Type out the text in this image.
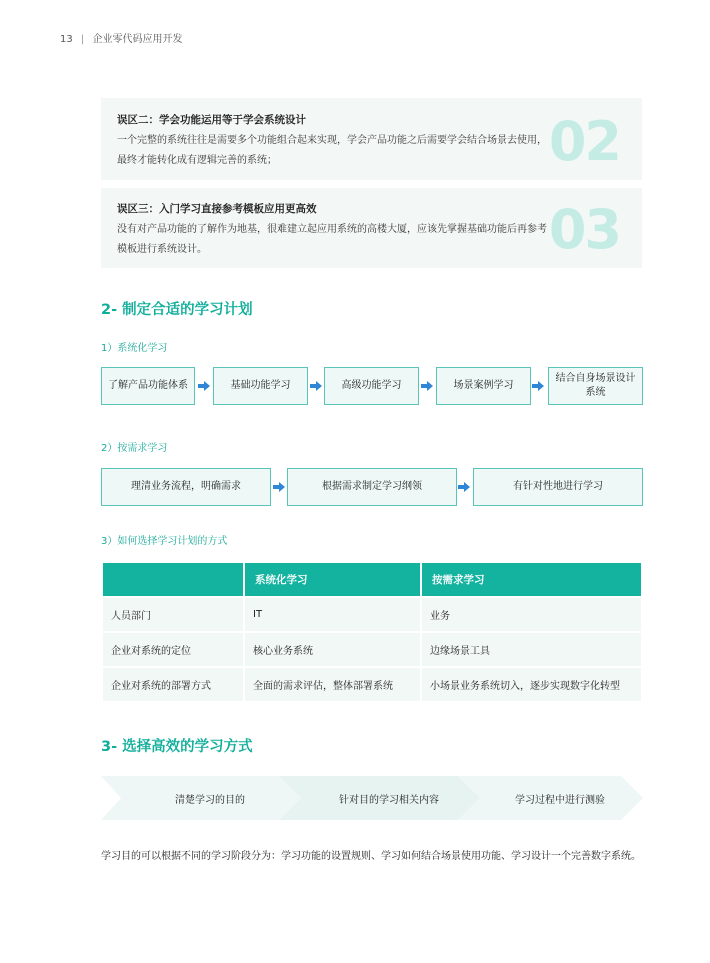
13 | 企业零代码应用开发
误区二：学会功能运用等于学会系统设计
一个完整的系统往往是需要多个功能组合起来实现，学会产品功能之后需要学会结合场景去使用，最终才能转化成有逻辑完善的系统；	02
误区三：入门学习直接参考模板应用更高效
没有对产品功能的了解作为地基，很难建立起应用系统的高楼大厦，应该先掌握基础功能后再参考模板进行系统设计。	03
2- 制定合适的学习计划
1）系统化学习
了解产品功能体系	基础功能学习	高级功能学习	场景案例学习
结合自身场景设计系统
2）按需求学习
理清业务流程，明确需求	根据需求制定学习纲领	有针对性地进行学习
3）如何选择学习计划的方式
	系统化学习	按需求学习
人员部门	IT	业务
企业对系统的定位	核心业务系统	边缘场景工具
企业对系统的部署方式	全面的需求评估，整体部署系统	小场景业务系统切入，逐步实现数字化转型
3- 选择高效的学习方式
清楚学习的目的	针对目的学习相关内容	学习过程中进行测验
学习目的可以根据不同的学习阶段分为：学习功能的设置规则、学习如何结合场景使用功能、学习设计一个完善数字系统。
